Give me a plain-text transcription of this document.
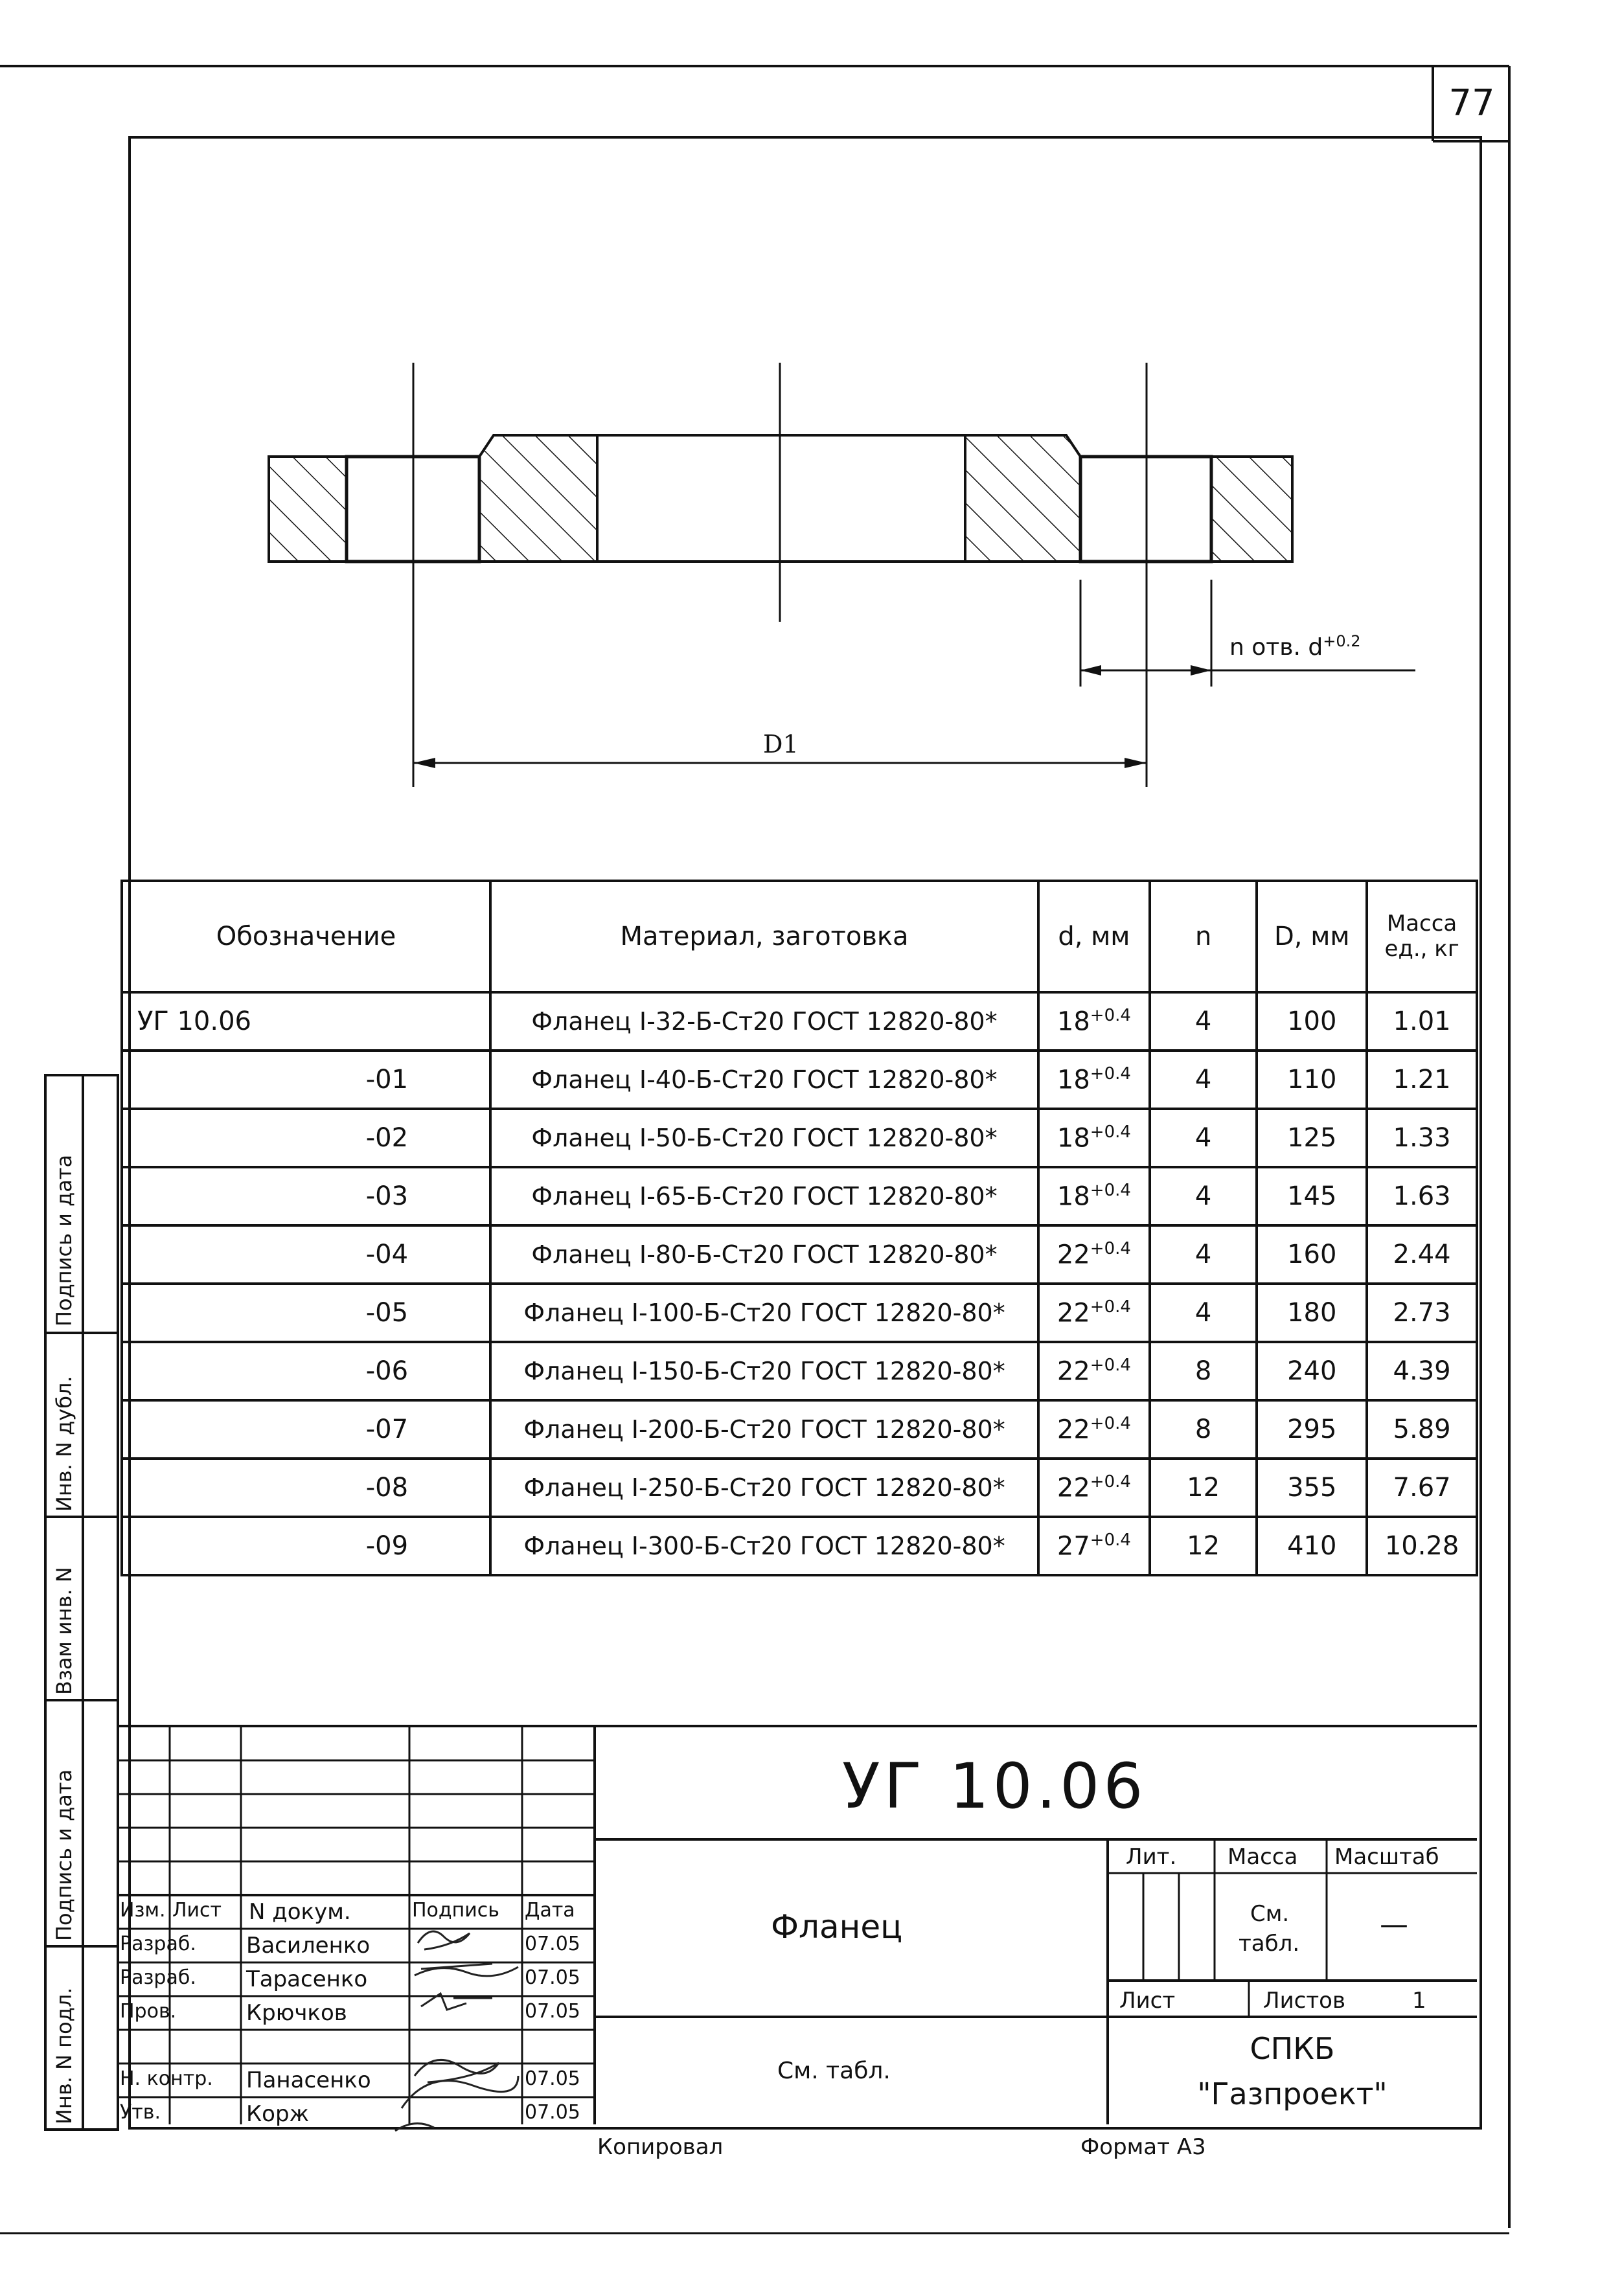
77
D1
n отв. $d^{+0.2}$
Обозначение	Материал, заготовка	d, мм	n	D, мм	Масса
ед., кг

УГ 10.06	Фланец I-32-Б-Ст20 ГОСТ 12820-80*	$18^{+0.4}$	4	100	1.01
-01	Фланец I-40-Б-Ст20 ГОСТ 12820-80*	$18^{+0.4}$	4	110	1.21
-02	Фланец I-50-Б-Ст20 ГОСТ 12820-80*	$18^{+0.4}$	4	125	1.33
-03	Фланец I-65-Б-Ст20 ГОСТ 12820-80*	$18^{+0.4}$	4	145	1.63
-04	Фланец I-80-Б-Ст20 ГОСТ 12820-80*	$22^{+0.4}$	4	160	2.44
-05	Фланец I-100-Б-Ст20 ГОСТ 12820-80*	$22^{+0.4}$	4	180	2.73
-06	Фланец I-150-Б-Ст20 ГОСТ 12820-80*	$22^{+0.4}$	8	240	4.39
-07	Фланец I-200-Б-Ст20 ГОСТ 12820-80*	$22^{+0.4}$	8	295	5.89
-08	Фланец I-250-Б-Ст20 ГОСТ 12820-80*	$22^{+0.4}$	12	355	7.67
-09	Фланец I-300-Б-Ст20 ГОСТ 12820-80*	$27^{+0.4}$	12	410	10.28
Подпись и дата
Инв. N дубл.
Взам инв. N
Подпись и дата
Инв. N подл.
УГ 10.06
Изм. Лист N докум.	Подпись Дата
Разраб. Василенко	07.05
Разраб. Тарасенко	07.05
Пров.	Крючков	07.05
Н. контр. Панасенко	07.05
Утв.	Корж	07.05
Фланец
См. табл.
Лит. Масса Масштаб
См.
табл.
—
Лист	Листов	1
СПКБ
"Газпроект"
Копировал	Формат А3
